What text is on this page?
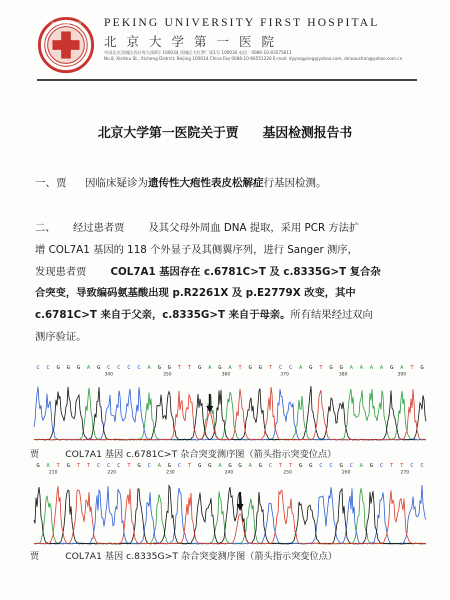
北京大学第一医院 PEKING UNIVERSITY FIRST HOSPITAL
北京大学第一医院
中国北京西城区西什库大街8号 100034 西城区大红罗厂街1号 100034 电话：0086-10-83575611
No.8, Xishiku St., Xicheng District, Beijing 100034 China Fax 0086-10-66551226 E-mail: dyyosgyong@yahoo.com, dmeaushan@yahoo.com.cn
北京大学第一医院关于贾 基因检测报告书
一、贾 因临床疑诊为遗传性大疱性表皮松解症行基因检测。
二、 经过患者贾 及其父母外周血 DNA 提取，采用 PCR 方法扩
增 COL7A1 基因的 118 个外显子及其侧翼序列，进行 Sanger 测序，
发现患者贾 COL7A1 基因存在 c.6781C>T 及 c.8335G>T 复合杂
合突变，导致编码氨基酸出现 p.R2261X 及 p.E2779X 改变，其中
c.6781C>T 来自于父亲，c.8335G>T 来自于母亲。所有结果经过双向
测序验证。
C C G G G A G C C C C A G G T T G A G A T G G T C C A G T G G A A A A G A T G
340	350	360	370	380	390
贾	COL7A1 基因 c.6781C>T 杂合突变测序图（箭头指示突变位点）
G A T G T T C C C T G C A G C T G G A G G A G C T T G G C C G C A G C T T C C
210	220	230	240	250	260	270
贾	COL7A1 基因 c.8335G>T 杂合突变测序图（箭头指示突变位点）
